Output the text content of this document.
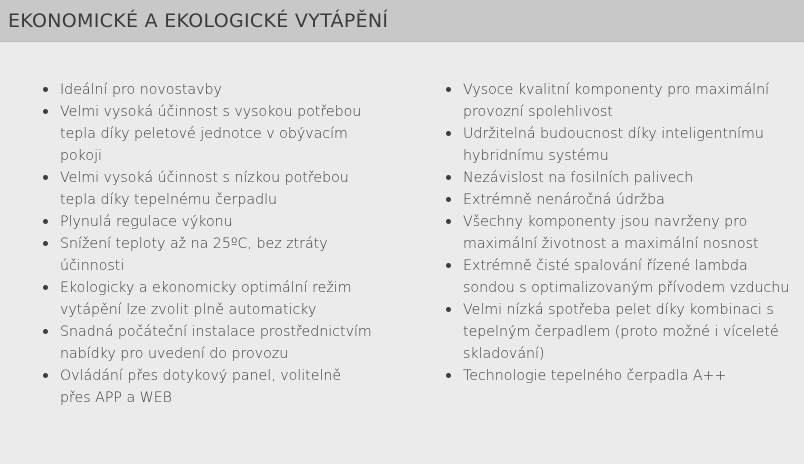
EKONOMICKÉ A EKOLOGICKÉ VYTÁPĚNÍ
Ideální pro novostavby
Velmi vysoká účinnost s vysokou potřebou tepla díky peletové jednotce v obývacím pokoji
Velmi vysoká účinnost s nízkou potřebou tepla díky tepelnému čerpadlu
Plynulá regulace výkonu
Snížení teploty až na 25ºC, bez ztráty účinnosti
Ekologicky a ekonomicky optimální režim vytápění lze zvolit plně automaticky
Snadná počáteční instalace prostřednictvím nabídky pro uvedení do provozu
Ovládání přes dotykový panel, volitelně přes APP a WEB
Vysoce kvalitní komponenty pro maximální provozní spolehlivost
Udržitelná budoucnost díky inteligentnímu hybridnímu systému
Nezávislost na fosilních palivech
Extrémně nenáročná údržba
Všechny komponenty jsou navrženy pro maximální životnost a maximální nosnost
Extrémně čisté spalování řízené lambda sondou s optimalizovaným přívodem vzduchu
Velmi nízká spotřeba pelet díky kombinaci s tepelným čerpadlem (proto možné i víceleté skladování)
Technologie tepelného čerpadla A++
